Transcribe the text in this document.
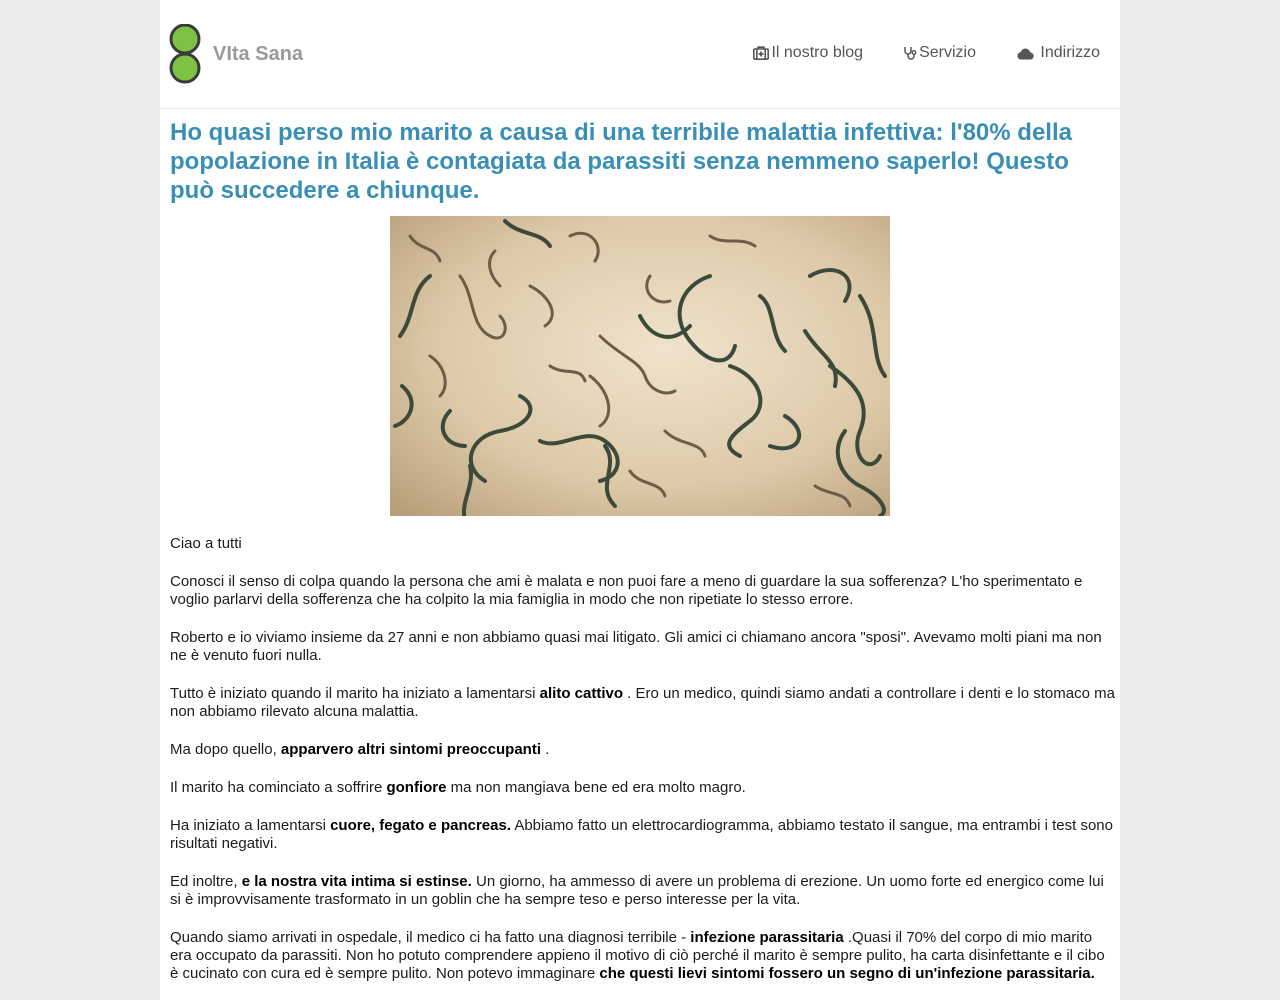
VIta Sana	Il nostro blog	Servizio	Indirizzo
Ho quasi perso mio marito a causa di una terribile malattia infettiva: l'80% della popolazione in Italia è contagiata da parassiti senza nemmeno saperlo! Questo può succedere a chiunque.

Ciao a tutti

Conosci il senso di colpa quando la persona che ami è malata e non puoi fare a meno di guardare la sua sofferenza? L'ho sperimentato e voglio parlarvi della sofferenza che ha colpito la mia famiglia in modo che non ripetiate lo stesso errore.

Roberto e io viviamo insieme da 27 anni e non abbiamo quasi mai litigato. Gli amici ci chiamano ancora "sposi". Avevamo molti piani ma non ne è venuto fuori nulla.

Tutto è iniziato quando il marito ha iniziato a lamentarsi alito cattivo . Ero un medico, quindi siamo andati a controllare i denti e lo stomaco ma non abbiamo rilevato alcuna malattia.

Ma dopo quello, apparvero altri sintomi preoccupanti .

Il marito ha cominciato a soffrire gonfiore ma non mangiava bene ed era molto magro.

Ha iniziato a lamentarsi cuore, fegato e pancreas. Abbiamo fatto un elettrocardiogramma, abbiamo testato il sangue, ma entrambi i test sono risultati negativi.

Ed inoltre, e la nostra vita intima si estinse. Un giorno, ha ammesso di avere un problema di erezione. Un uomo forte ed energico come lui si è improvvisamente trasformato in un goblin che ha sempre teso e perso interesse per la vita.

Quando siamo arrivati in ospedale, il medico ci ha fatto una diagnosi terribile - infezione parassitaria .Quasi il 70% del corpo di mio marito era occupato da parassiti. Non ho potuto comprendere appieno il motivo di ciò perché il marito è sempre pulito, ha carta disinfettante e il cibo è cucinato con cura ed è sempre pulito. Non potevo immaginare che questi lievi sintomi fossero un segno di un'infezione parassitaria.
